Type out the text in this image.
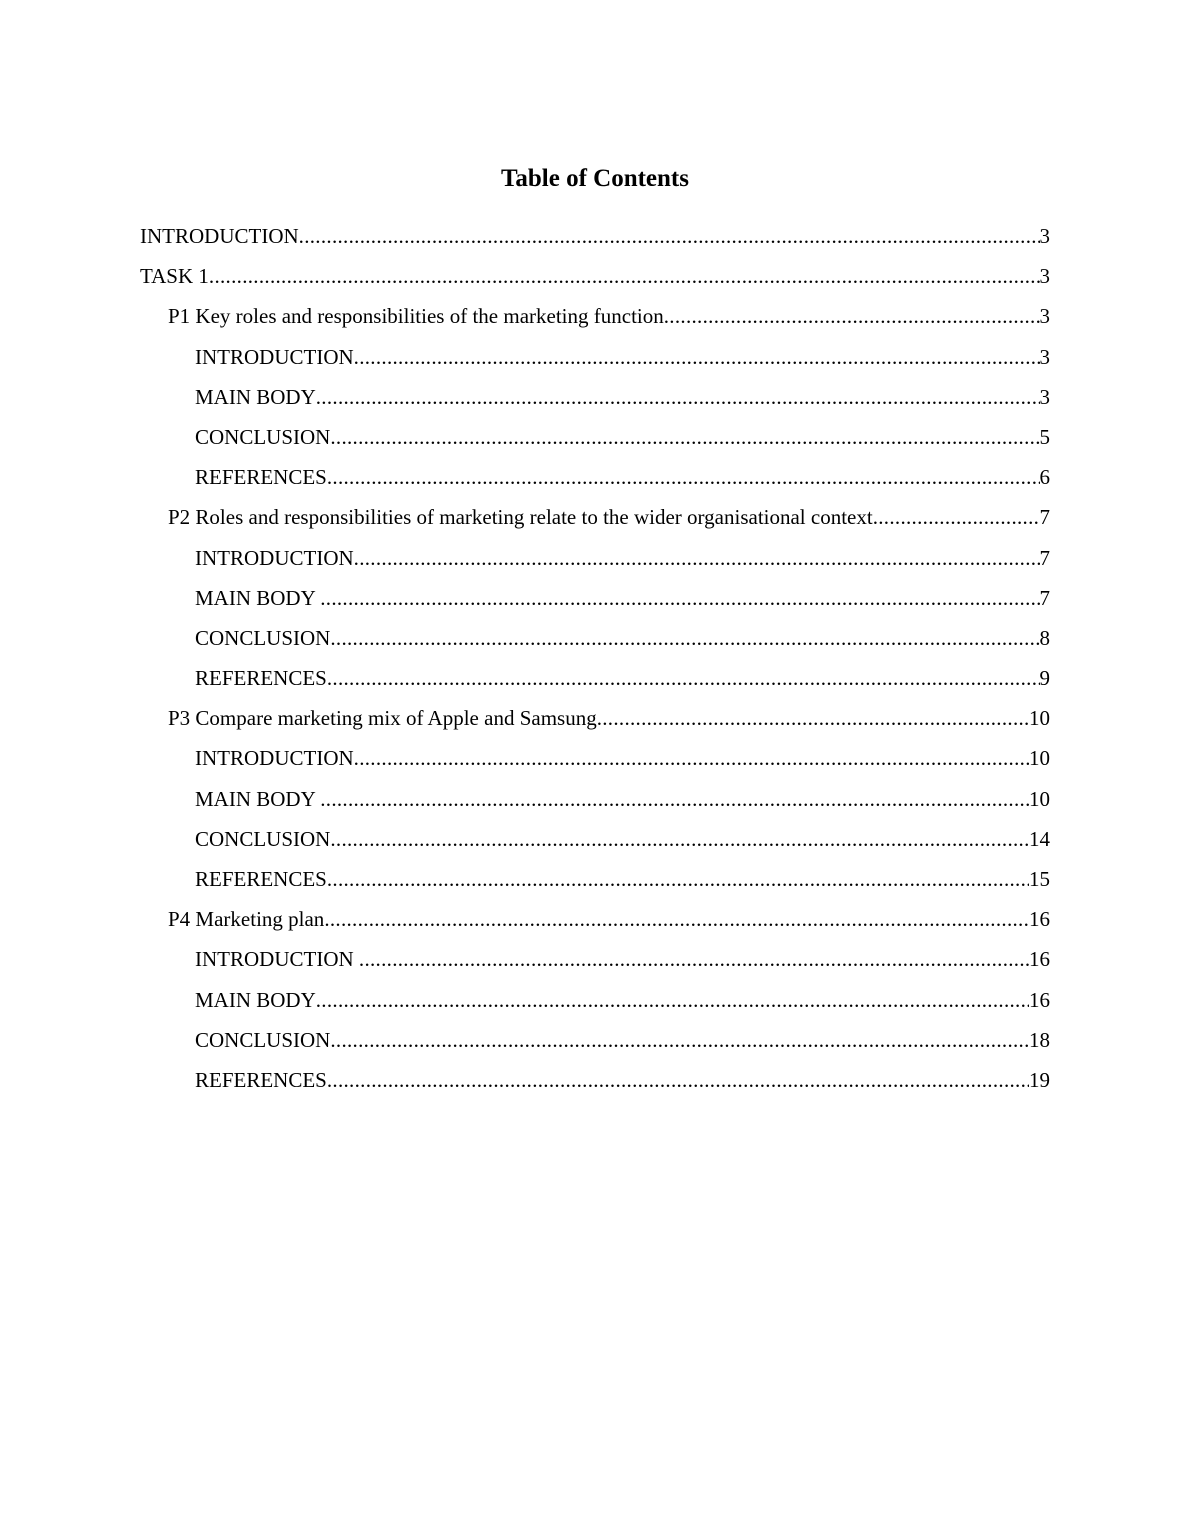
Table of Contents
INTRODUCTION .....	3
TASK 1 .....	3
P1 Key roles and responsibilities of the marketing function .....	3
INTRODUCTION .....	3
MAIN BODY .....	3
CONCLUSION .....	5
REFERENCES .....	6
P2 Roles and responsibilities of marketing relate to the wider organisational context .....	7
INTRODUCTION .....	7
MAIN BODY .....	7
CONCLUSION .....	8
REFERENCES .....	9
P3 Compare marketing mix of Apple and Samsung .....	10
INTRODUCTION .....	10
MAIN BODY .....	10
CONCLUSION .....	14
REFERENCES .....	15
P4 Marketing plan .....	16
INTRODUCTION .....	16
MAIN BODY .....	16
CONCLUSION .....	18
REFERENCES .....	19
